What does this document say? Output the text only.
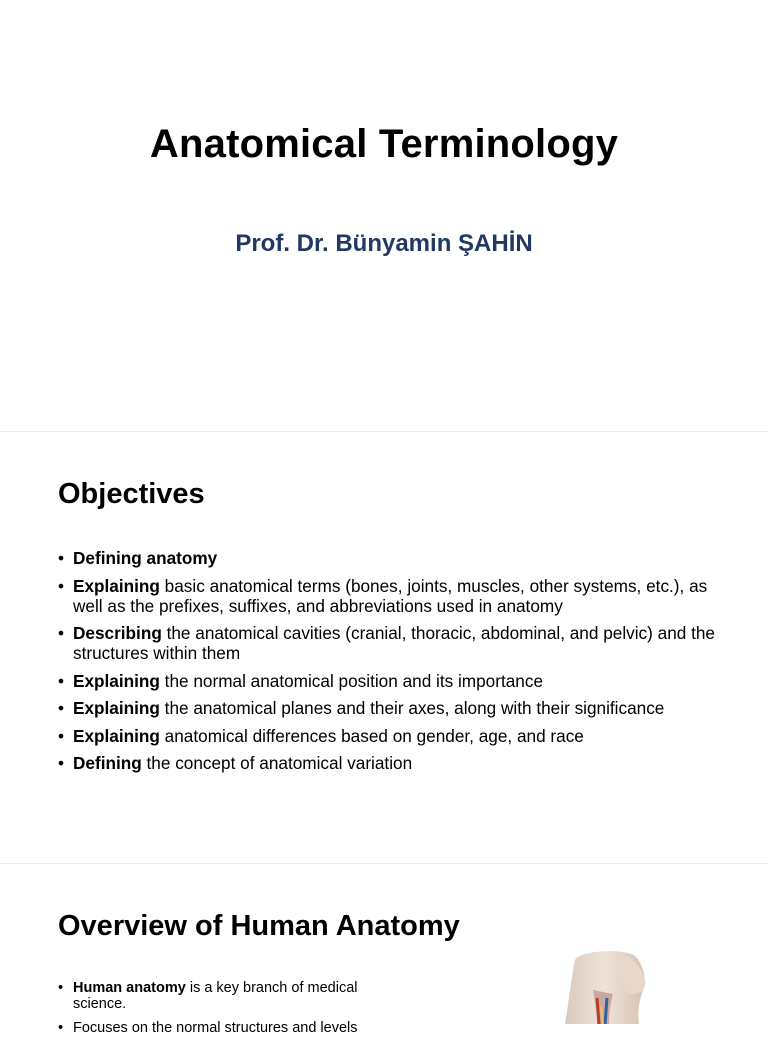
Anatomical Terminology
Prof. Dr. Bünyamin ŞAHİN
Objectives
• Defining anatomy
• Explaining basic anatomical terms (bones, joints, muscles, other systems, etc.), as well as the prefixes, suffixes, and abbreviations used in anatomy
• Describing the anatomical cavities (cranial, thoracic, abdominal, and pelvic) and the structures within them
• Explaining the normal anatomical position and its importance
• Explaining the anatomical planes and their axes, along with their significance
• Explaining anatomical differences based on gender, age, and race
• Defining the concept of anatomical variation
Overview of Human Anatomy
• Human anatomy is a key branch of medical science.
• Focuses on the normal structures and levels
